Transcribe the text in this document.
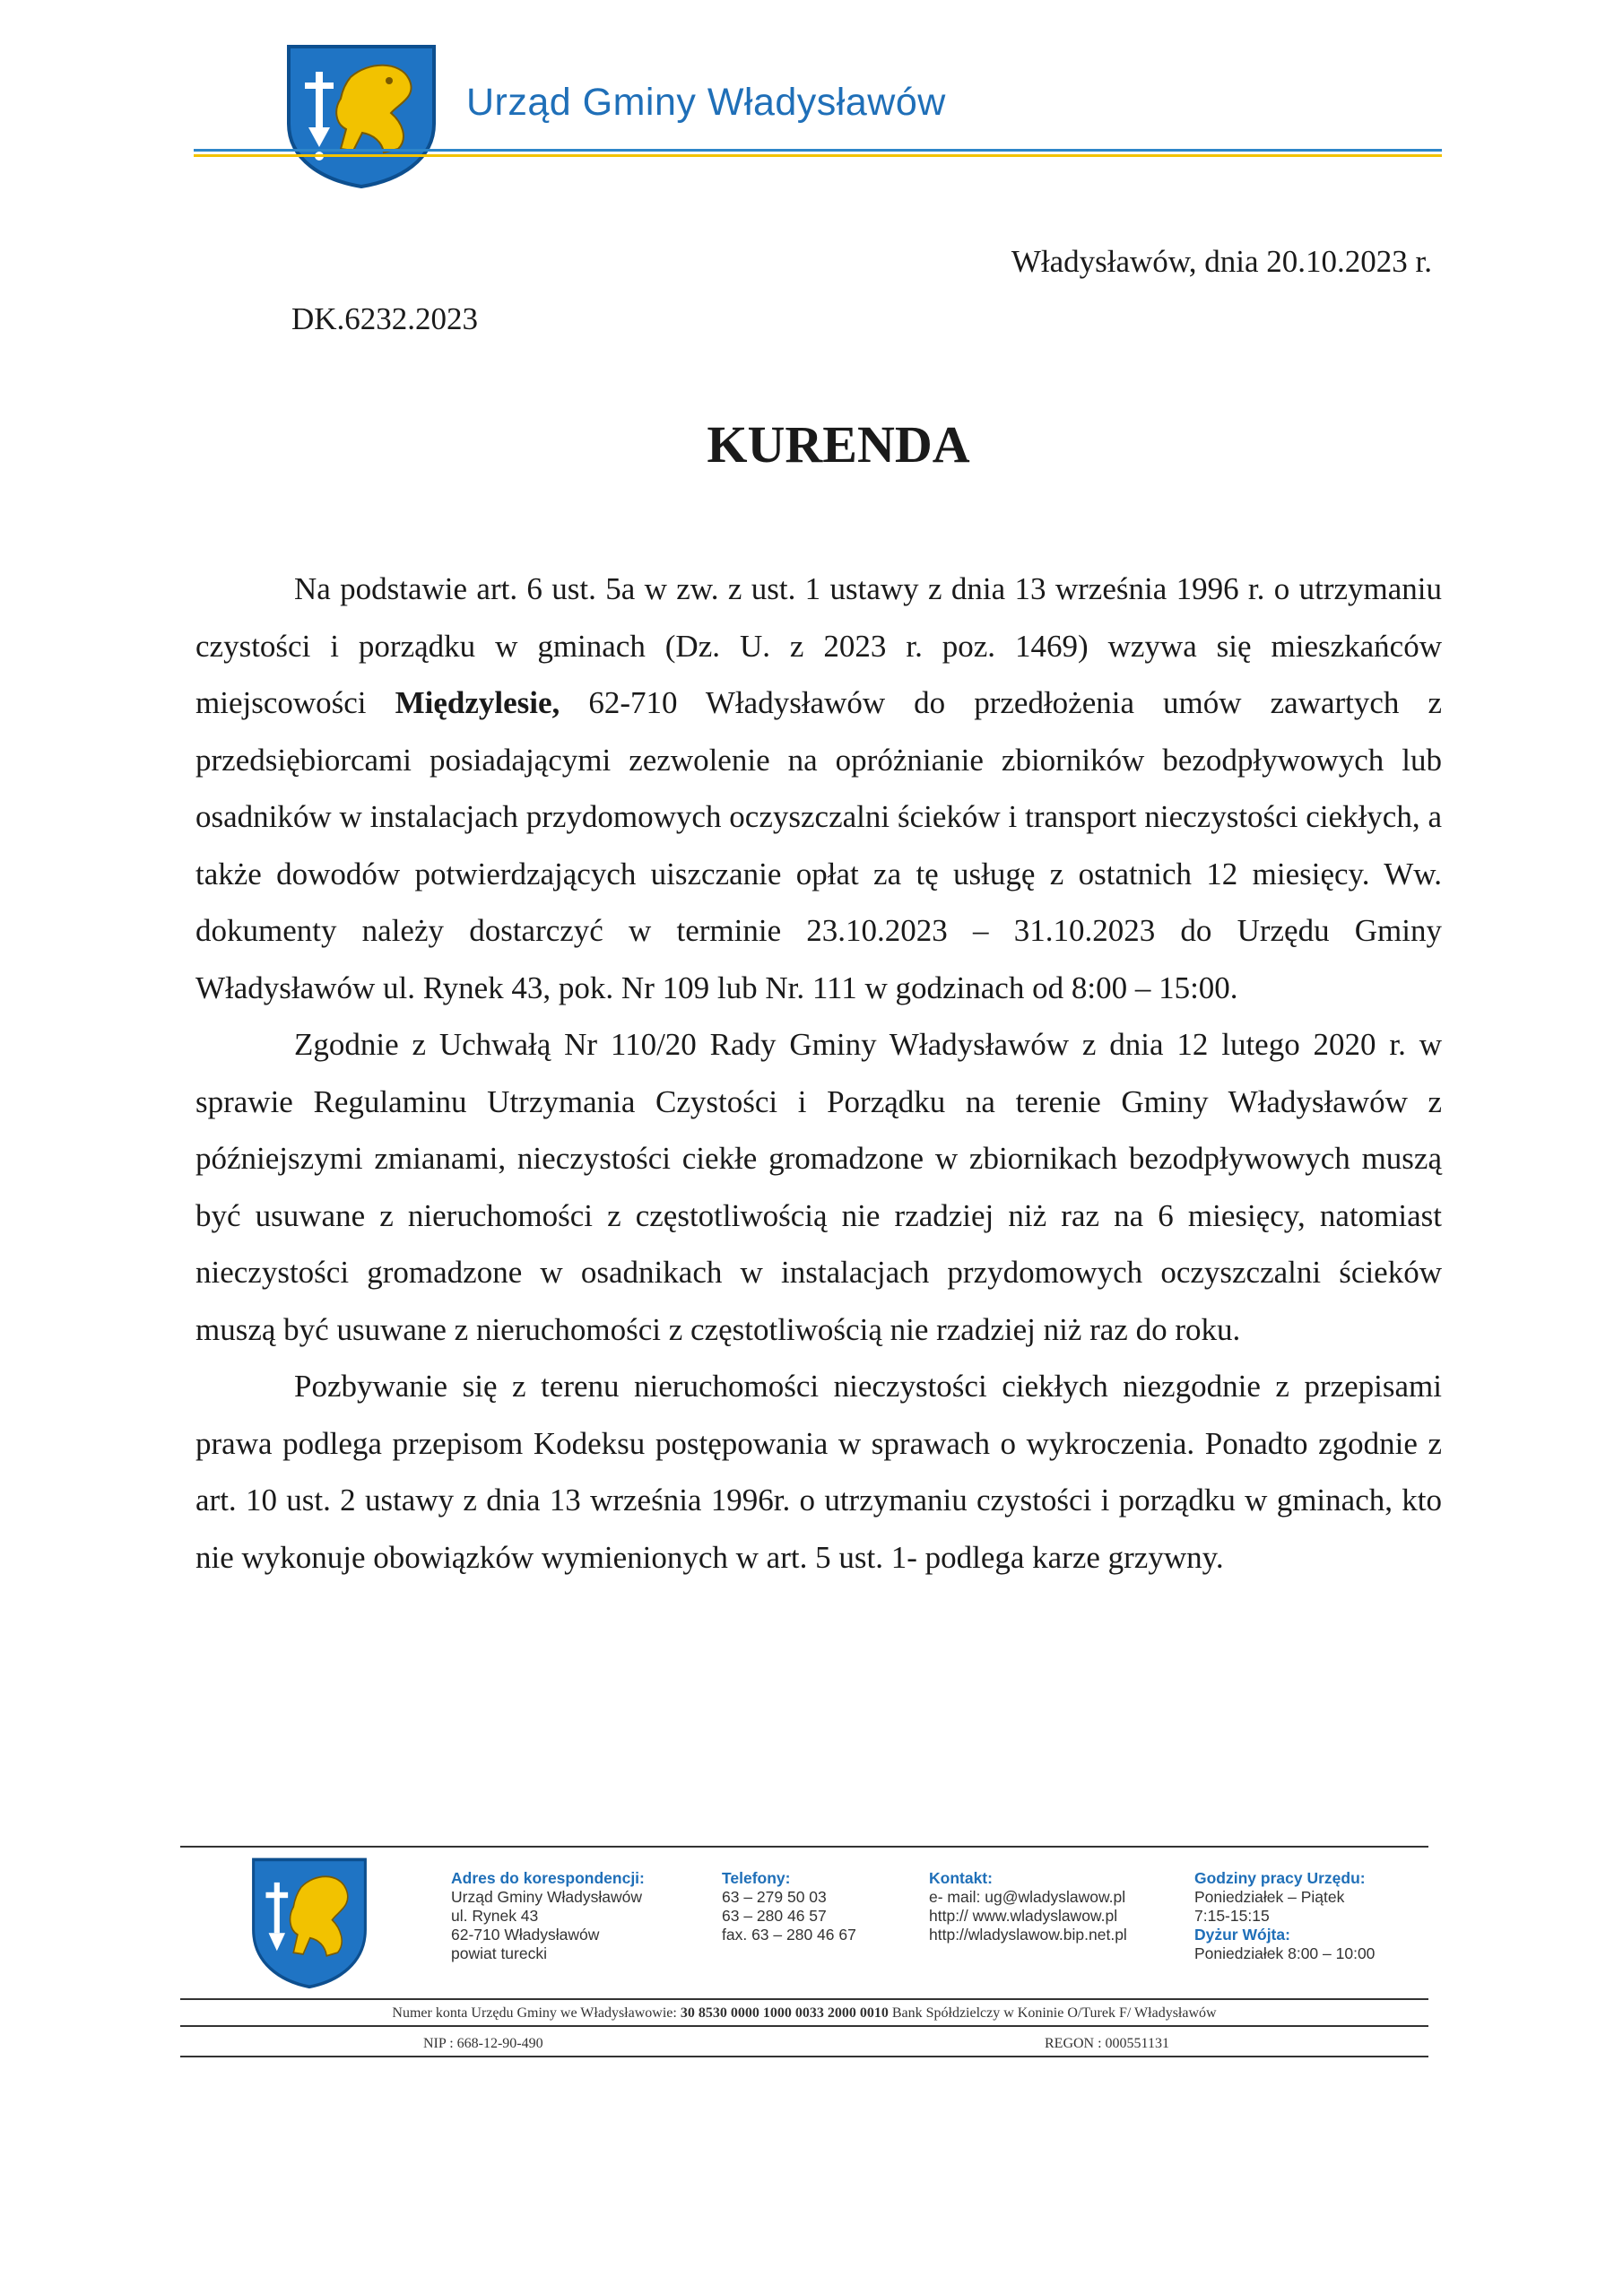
Urząd Gminy Władysławów
Władysławów, dnia 20.10.2023 r.
DK.6232.2023
KURENDA

Na podstawie art. 6 ust. 5a w zw. z ust. 1 ustawy z dnia 13 września 1996 r. o utrzymaniu czystości i porządku w gminach (Dz. U. z 2023 r. poz. 1469) wzywa się mieszkańców miejscowości Międzylesie, 62-710 Władysławów do przedłożenia umów zawartych z przedsiębiorcami posiadającymi zezwolenie na opróżnianie zbiorników bezodpływowych lub osadników w instalacjach przydomowych oczyszczalni ścieków i transport nieczystości ciekłych, a także dowodów potwierdzających uiszczanie opłat za tę usługę z ostatnich 12 miesięcy. Ww. dokumenty należy dostarczyć w terminie 23.10.2023 – 31.10.2023 do Urzędu Gminy Władysławów ul. Rynek 43, pok. Nr 109 lub Nr. 111 w godzinach od 8:00 – 15:00.

Zgodnie z Uchwałą Nr 110/20 Rady Gminy Władysławów z dnia 12 lutego 2020 r. w sprawie Regulaminu Utrzymania Czystości i Porządku na terenie Gminy Władysławów z późniejszymi zmianami, nieczystości ciekłe gromadzone w zbiornikach bezodpływowych muszą być usuwane z nieruchomości z częstotliwością nie rzadziej niż raz na 6 miesięcy, natomiast nieczystości gromadzone w osadnikach w instalacjach przydomowych oczyszczalni ścieków muszą być usuwane z nieruchomości z częstotliwością nie rzadziej niż raz do roku.

Pozbywanie się z terenu nieruchomości nieczystości ciekłych niezgodnie z przepisami prawa podlega przepisom Kodeksu postępowania w sprawach o wykroczenia. Ponadto zgodnie z art. 10 ust. 2 ustawy z dnia 13 września 1996r. o utrzymaniu czystości i porządku w gminach, kto nie wykonuje obowiązków wymienionych w art. 5 ust. 1- podlega karze grzywny.

Adres do korespondencji:
Urząd Gminy Władysławów
ul. Rynek 43
62-710 Władysławów
powiat turecki
Telefony:
63 – 279 50 03
63 – 280 46 57
fax. 63 – 280 46 67
Kontakt:
e- mail: ug@wladyslawow.pl
http:// www.wladyslawow.pl
http://wladyslawow.bip.net.pl
Godziny pracy Urzędu:
Poniedziałek – Piątek
7:15-15:15
Dyżur Wójta:
Poniedziałek 8:00 – 10:00
Numer konta Urzędu Gminy we Władysławowie: 30 8530 0000 1000 0033 2000 0010 Bank Spółdzielczy w Koninie O/Turek F/ Władysławów
NIP : 668-12-90-490	REGON : 000551131
